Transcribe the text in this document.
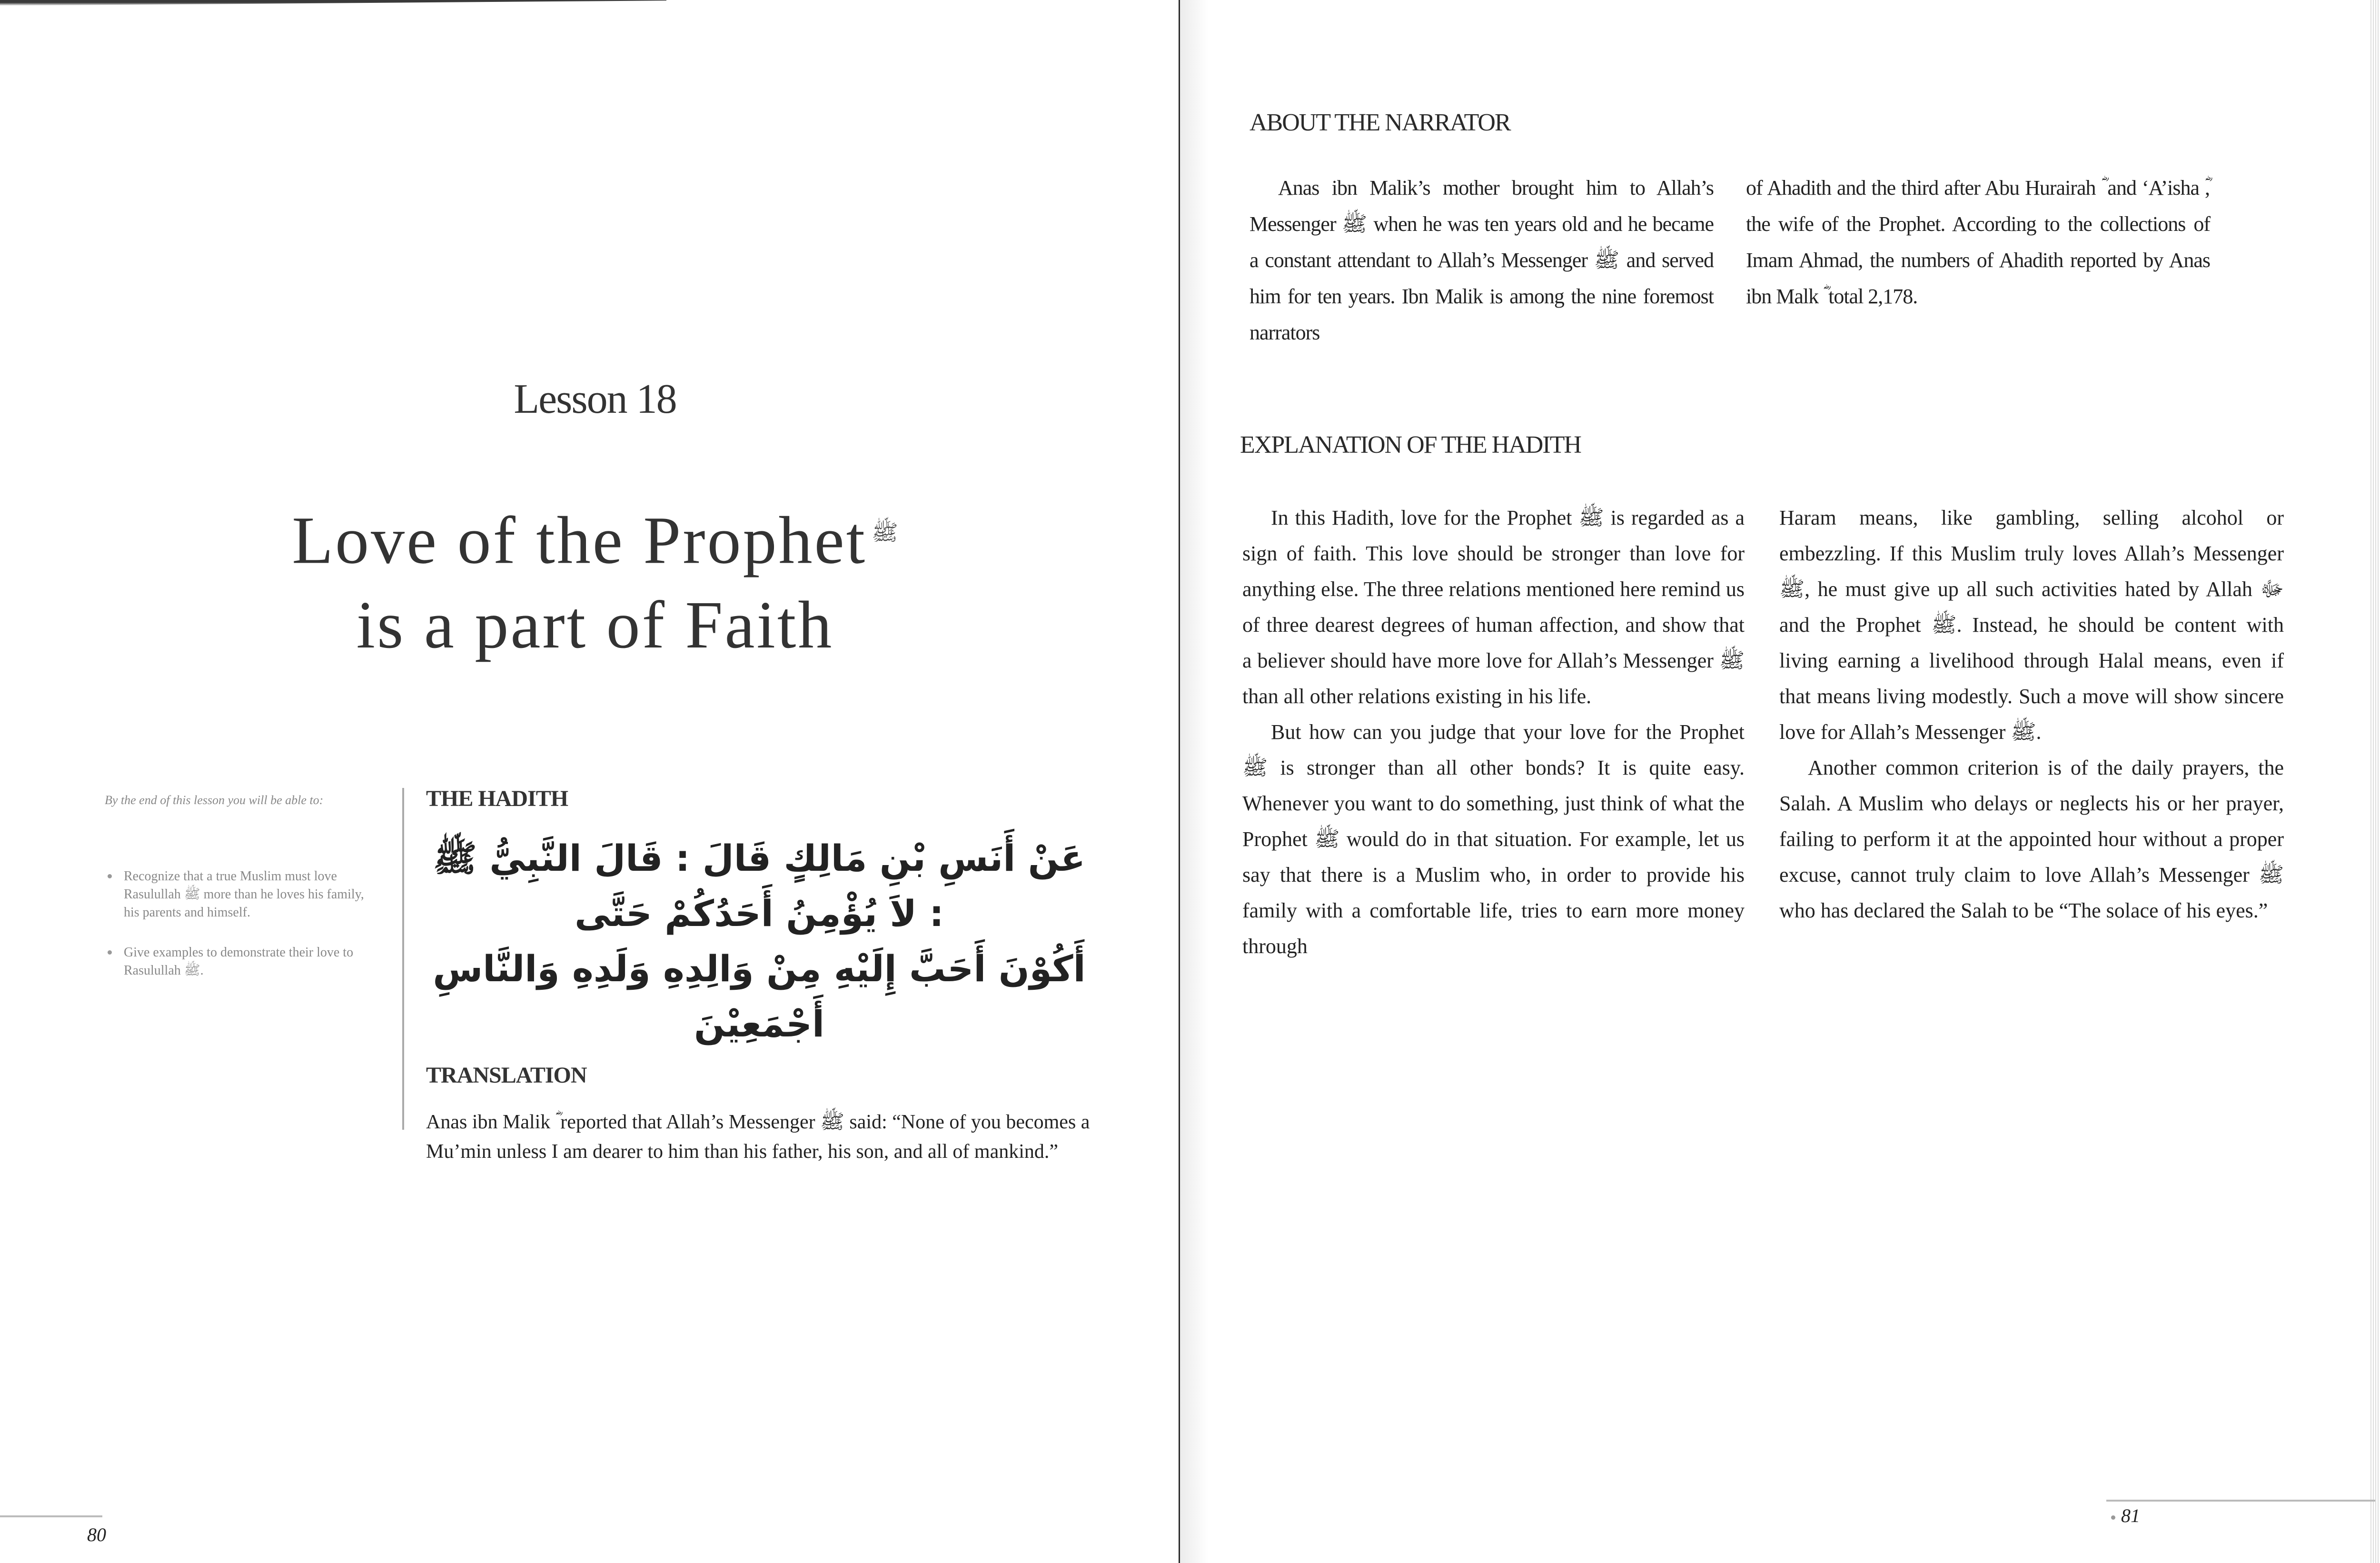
Lesson 18
Love of the Prophet $^ﷺ$
is a part of Faith

By the end of this lesson you will be able to:

Recognize that a true Muslim must love Rasulullah ﷺ more than he loves his family, his parents and himself.
Give examples to demonstrate their love to Rasulullah ﷺ.
THE HADITH
عَنْ أَنَسِ بْنِ مَالِكٍ قَالَ : قَالَ النَّبِيُّ ﷺ : لاَ يُؤْمِنُ أَحَدُكُمْ حَتَّى
أَكُوْنَ أَحَبَّ إِلَيْهِ مِنْ وَالِدِهِ وَلَدِهِ وَالنَّاسِ أَجْمَعِيْنَ
TRANSLATION
Anas ibn Malik ؓ reported that Allah’s Messenger ﷺ said: “None of you becomes a Mu’min unless I am dearer to him than his father, his son, and all of mankind.”
80
ABOUT THE NARRATOR

Anas ibn Malik’s mother brought him to Allah’s Messenger ﷺ when he was ten years old and he became a constant attendant to Allah’s Messenger ﷺ and served him for ten years. Ibn Malik is among the nine foremost narrators

of Ahadith and the third after Abu Hurairah ؓ and ‘A’isha ؓ, the wife of the Prophet. According to the collections of Imam Ahmad, the numbers of Ahadith reported by Anas ibn Malk ؓ total 2,178.

EXPLANATION OF THE HADITH

In this Hadith, love for the Prophet ﷺ is regarded as a sign of faith. This love should be stronger than love for anything else. The three relations mentioned here remind us of three dearest degrees of human affection, and show that a believer should have more love for Allah’s Messenger ﷺ than all other relations existing in his life.

But how can you judge that your love for the Prophet ﷺ is stronger than all other bonds? It is quite easy. Whenever you want to do something, just think of what the Prophet ﷺ would do in that situation. For example, let us say that there is a Muslim who, in order to provide his family with a comfortable life, tries to earn more money through

Haram means, like gambling, selling alcohol or embezzling. If this Muslim truly loves Allah’s Messenger ﷺ, he must give up all such activities hated by Allah ﷻ and the Prophet ﷺ. Instead, he should be content with living earning a livelihood through Halal means, even if that means living modestly. Such a move will show sincere love for Allah’s Messenger ﷺ.

Another common criterion is of the daily prayers, the Salah. A Muslim who delays or neglects his or her prayer, failing to perform it at the appointed hour without a proper excuse, cannot truly claim to love Allah’s Messenger ﷺ who has declared the Salah to be “The solace of his eyes.”

81
